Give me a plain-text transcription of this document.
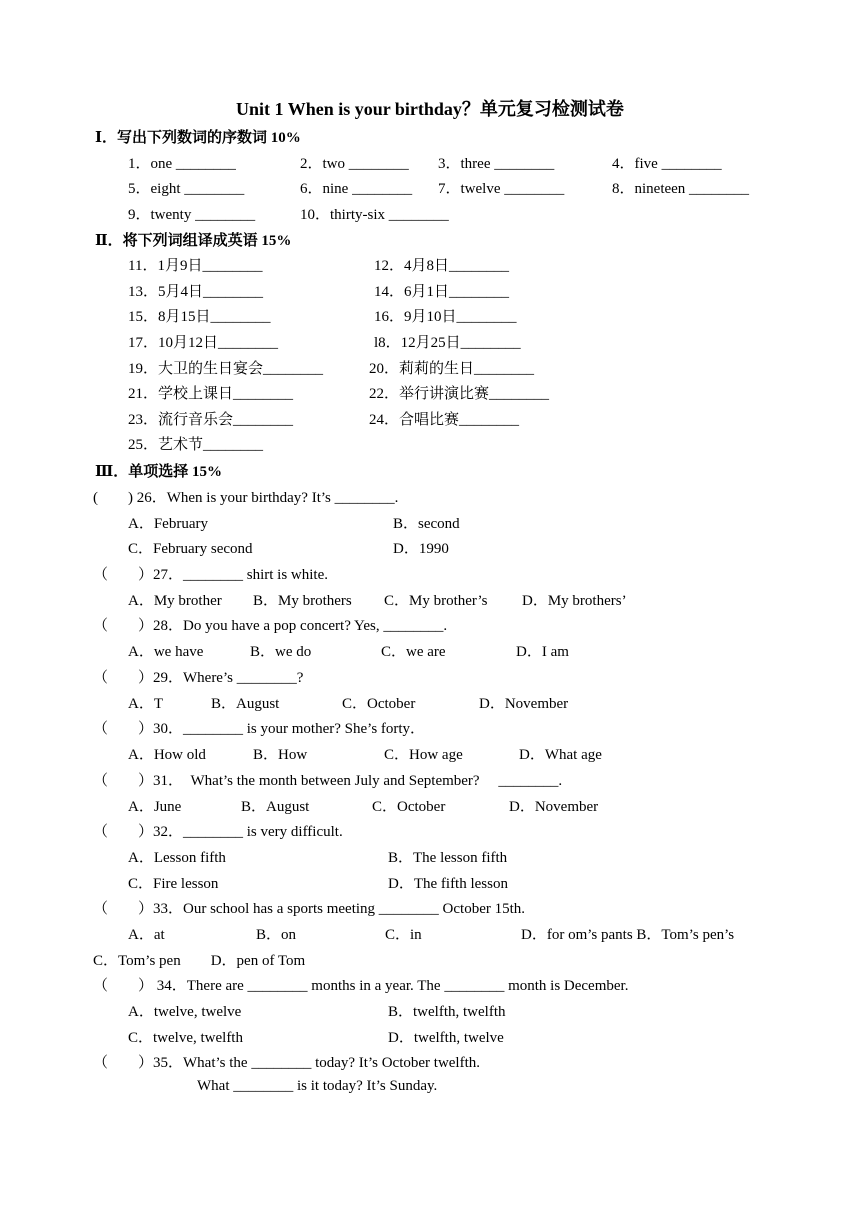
Unit 1 When is your birthday？单元复习检测试卷
Ⅰ．写出下列数词的序数词 10%
1．one ________	2．two ________ 3．three ________	4．five ________
5．eight ________	6．nine ________ 7．twelve ________	8．nineteen ________
9．twenty ________	10．thirty-six ________
Ⅱ．将下列词组译成英语 15%
11．1月9日________	12．4月8日________
13．5月4日________	14．6月1日________
15．8月15日________	16．9月10日________
17．10月12日________	l8．12月25日________
19．大卫的生日宴会________	20．莉莉的生日________
21．学校上课日________	22．举行讲演比赛________
23．流行音乐会________	24．合唱比赛________
25．艺术节________
Ⅲ．单项选择 15%
(        ) 26．When is your birthday? It’s ________.
A．February	B．second
C．February second	D．1990
（        ）27．________ shirt is white.
A．My brother B．My brothers C．My brother’s D．My brothers’
（        ）28．Do you have a pop concert? Yes, ________.
A．we have	B．we do	C．we are	D．I am
（        ）29．Where’s ________?
A．T	B．August	C．October	D．November
（        ）30．________ is your mother? She’s forty．
A．How old	B．How	C．How age	D．What age
（        ）31．  What’s the month between July and September?     ________.
A．June	B．August	C．October	D．November
（        ）32．________ is very difficult.
A．Lesson fifth	B．The lesson fifth
C．Fire lesson	D．The fifth lesson
（        ）33．Our school has a sports meeting ________ October 15th.
A．at	B．on	C．in	D．for om’s pants B．Tom’s pen’s
C．Tom’s pen        D．pen of Tom
（        ） 34．There are ________ months in a year. The ________ month is December.
A．twelve, twelve	B．twelfth, twelfth
C．twelve, twelfth	D．twelfth, twelve
（        ）35．What’s the ________ today? It’s October twelfth.
What ________ is it today? It’s Sunday.
